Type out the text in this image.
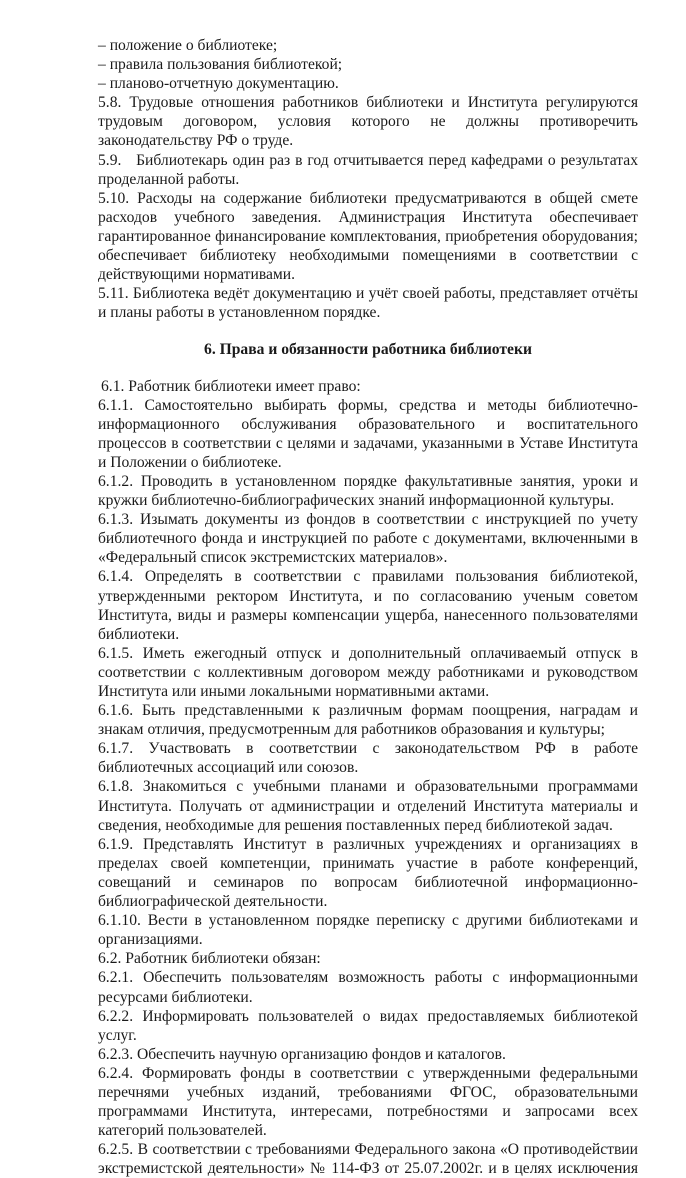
– положение о библиотеке;

– правила пользования библиотекой;

– планово-отчетную документацию.

5.8. Трудовые отношения работников библиотеки и Института регулируются трудовым договором, условия которого не должны противоречить законодательству РФ о труде.

5.9.   Библиотекарь один раз в год отчитывается перед кафедрами о результатах проделанной работы.

5.10. Расходы на содержание библиотеки предусматриваются в общей смете расходов учебного заведения. Администрация Института обеспечивает гарантированное финансирование комплектования, приобретения оборудования; обеспечивает библиотеку необходимыми помещениями в соответствии с действующими нормативами.

5.11. Библиотека ведёт документацию и учёт своей работы, представляет отчёты и планы работы в установленном порядке.

6. Права и обязанности работника библиотеки

6.1. Работник библиотеки имеет право:

6.1.1. Самостоятельно выбирать формы, средства и методы библиотечно-информационного обслуживания образовательного и воспитательного процессов в соответствии с целями и задачами, указанными в Уставе Института и Положении о библиотеке.

6.1.2. Проводить в установленном порядке факультативные занятия, уроки и кружки библиотечно-библиографических знаний информационной культуры.

6.1.3. Изымать документы из фондов в соответствии с инструкцией по учету библиотечного фонда и инструкцией по работе с документами, включенными в «Федеральный список экстремистских материалов».

6.1.4. Определять в соответствии с правилами пользования библиотекой, утвержденными ректором Института, и по согласованию ученым советом Института, виды и размеры компенсации ущерба, нанесенного пользователями библиотеки.

6.1.5. Иметь ежегодный отпуск и дополнительный оплачиваемый отпуск в соответствии с коллективным договором между работниками и руководством Института или иными локальными нормативными актами.

6.1.6. Быть представленными к различным формам поощрения, наградам и знакам отличия, предусмотренным для работников образования и культуры;

6.1.7. Участвовать в соответствии с законодательством РФ в работе библиотечных ассоциаций или союзов.

6.1.8. Знакомиться с учебными планами и образовательными программами Института. Получать от администрации и отделений Института материалы и сведения, необходимые для решения поставленных перед библиотекой задач.

6.1.9. Представлять Институт в различных учреждениях и организациях в пределах своей компетенции, принимать участие в работе конференций, совещаний и семинаров по вопросам библиотечной информационно-библиографической деятельности.

6.1.10. Вести в установленном порядке переписку с другими библиотеками и организациями.

6.2. Работник библиотеки обязан:

6.2.1. Обеспечить пользователям возможность работы с информационными ресурсами библиотеки.

6.2.2. Информировать пользователей о видах предоставляемых библиотекой услуг.

6.2.3. Обеспечить научную организацию фондов и каталогов.

6.2.4. Формировать фонды в соответствии с утвержденными федеральными перечнями учебных изданий, требованиями ФГОС, образовательными программами Института, интересами, потребностями и запросами всех категорий пользователей.

6.2.5. В соответствии с требованиями Федерального закона «О противодействии экстремистской деятельности» № 114-ФЗ от 25.07.2002г. и в целях исключения
